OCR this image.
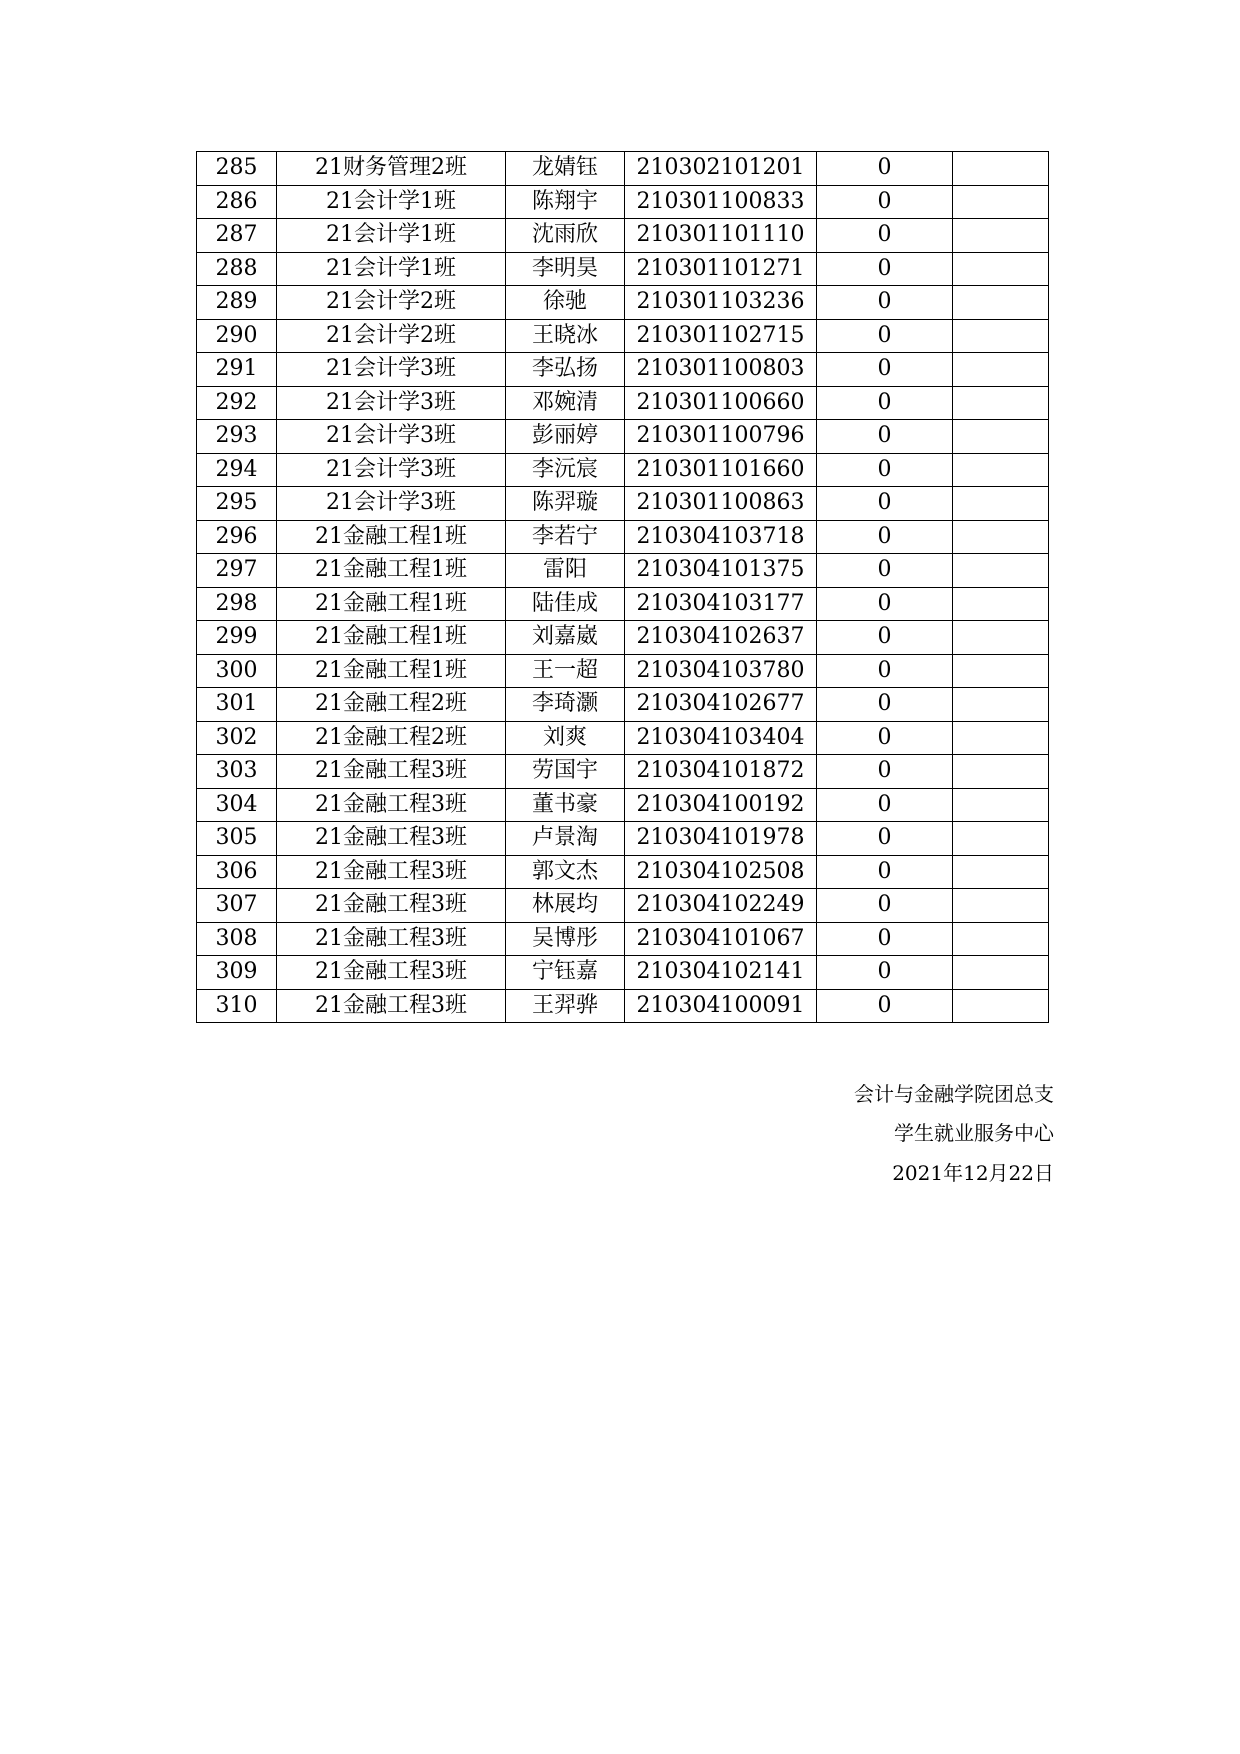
285	21财务管理2班	龙婧钰	210302101201	0	
286	21会计学1班	陈翔宇	210301100833	0	
287	21会计学1班	沈雨欣	210301101110	0	
288	21会计学1班	李明昊	210301101271	0	
289	21会计学2班	徐驰	210301103236	0	
290	21会计学2班	王晓冰	210301102715	0	
291	21会计学3班	李弘扬	210301100803	0	
292	21会计学3班	邓婉清	210301100660	0	
293	21会计学3班	彭丽婷	210301100796	0	
294	21会计学3班	李沅宸	210301101660	0	
295	21会计学3班	陈羿璇	210301100863	0	
296	21金融工程1班	李若宁	210304103718	0	
297	21金融工程1班	雷阳	210304101375	0	
298	21金融工程1班	陆佳成	210304103177	0	
299	21金融工程1班	刘嘉崴	210304102637	0	
300	21金融工程1班	王一超	210304103780	0	
301	21金融工程2班	李琦灏	210304102677	0	
302	21金融工程2班	刘爽	210304103404	0	
303	21金融工程3班	劳国宇	210304101872	0	
304	21金融工程3班	董书豪	210304100192	0	
305	21金融工程3班	卢景淘	210304101978	0	
306	21金融工程3班	郭文杰	210304102508	0	
307	21金融工程3班	林展均	210304102249	0	
308	21金融工程3班	吴博彤	210304101067	0	
309	21金融工程3班	宁钰嘉	210304102141	0	
310	21金融工程3班	王羿骅	210304100091	0	
会计与金融学院团总支
学生就业服务中心
2021年12月22日
